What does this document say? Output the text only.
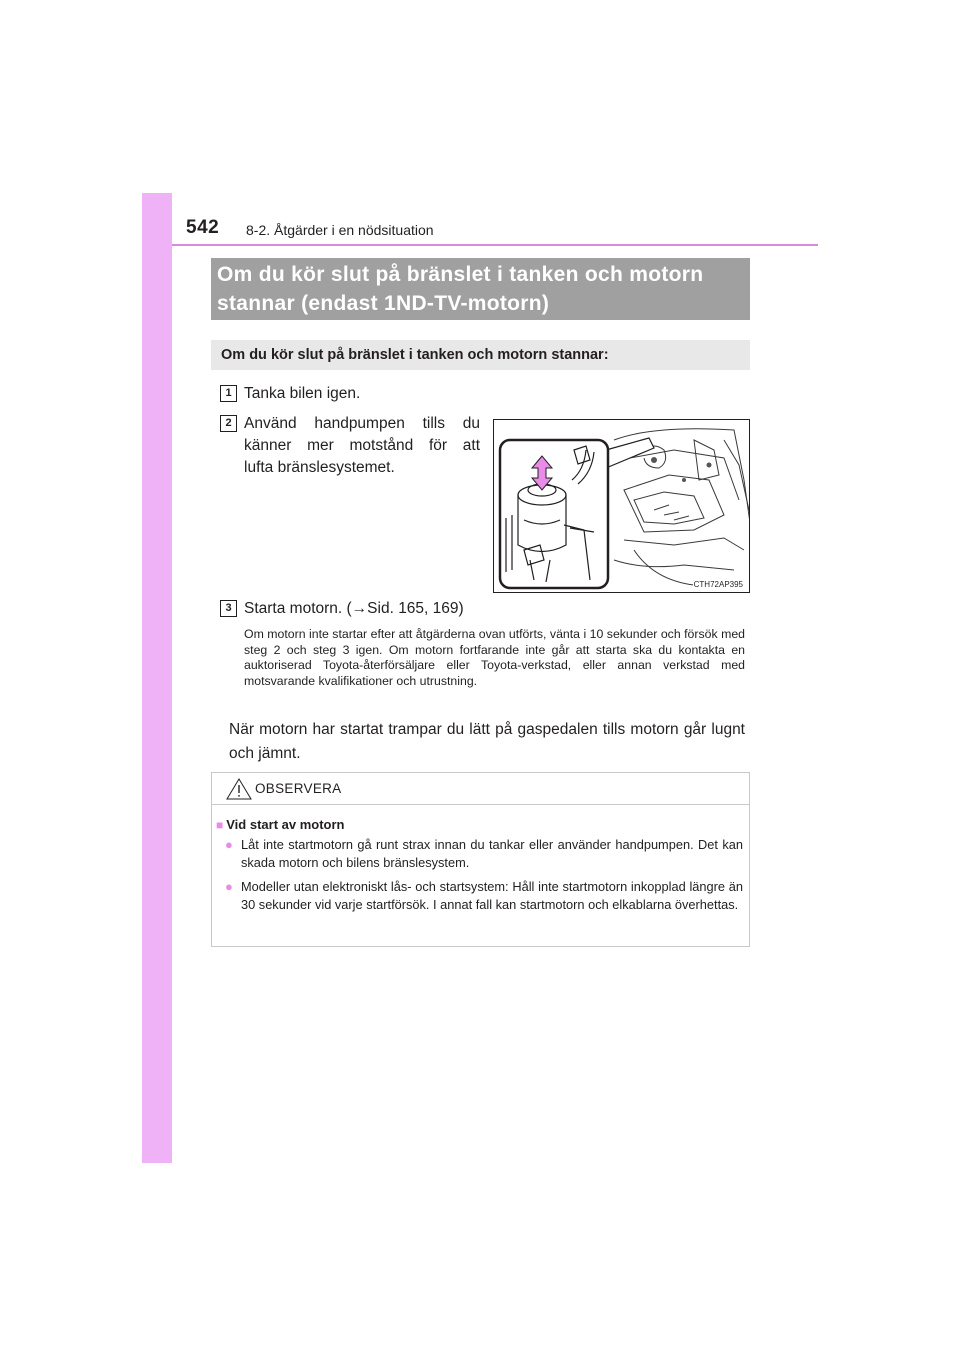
542 8-2. Åtgärder i en nödsituation
Om du kör slut på bränslet i tanken och motorn
stannar (endast 1ND-TV-motorn)
Om du kör slut på bränslet i tanken och motorn stannar:
1 Tanka bilen igen.
2 Använd handpumpen tills du
känner mer motstånd för att
lufta bränslesystemet.
CTH72AP395
3 Starta motorn. (→Sid. 165, 169)
Om motorn inte startar efter att åtgärderna ovan utförts, vänta i 10 sekunder och försök med steg 2 och steg 3 igen. Om motorn fortfarande inte går att starta ska du kontakta en auktoriserad Toyota-återförsäljare eller Toyota-verkstad, eller annan verkstad med motsvarande kvalifikationer och utrustning.
När motorn har startat trampar du lätt på gaspedalen tills motorn går lugnt och jämnt.
OBSERVERA
■ Vid start av motorn
● Låt inte startmotorn gå runt strax innan du tankar eller använder handpumpen. Det kan skada motorn och bilens bränslesystem.
● Modeller utan elektroniskt lås- och startsystem: Håll inte startmotorn inkopplad längre än 30 sekunder vid varje startförsök. I annat fall kan startmotorn och elkablarna överhettas.
